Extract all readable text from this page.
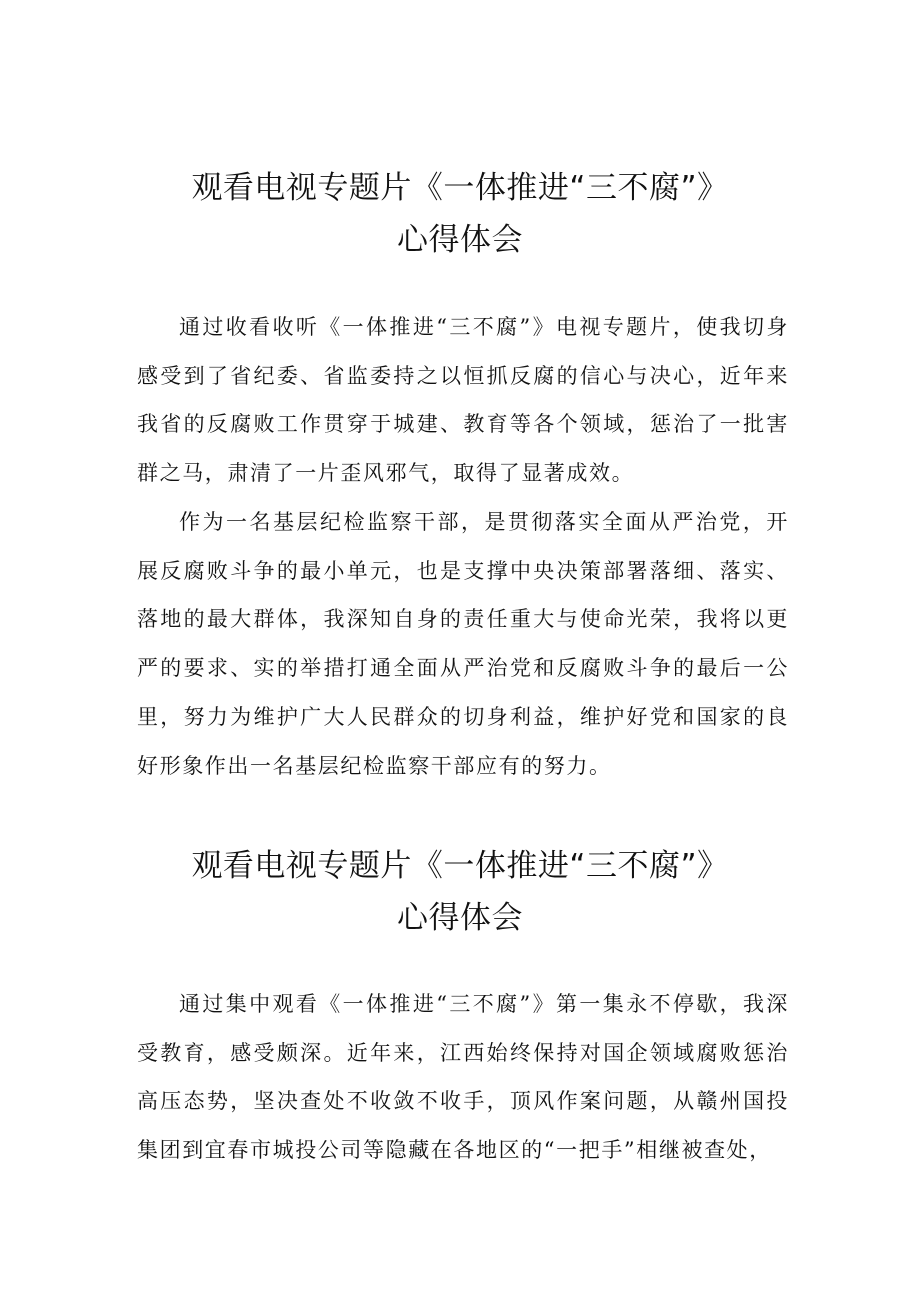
观看电视专题片《一体推进“三不腐”》
心得体会

通过收看收听《一体推进“三不腐”》电视专题片，使我切身感受到了省纪委、省监委持之以恒抓反腐的信心与决心，近年来我省的反腐败工作贯穿于城建、教育等各个领域，惩治了一批害群之马，肃清了一片歪风邪气，取得了显著成效。

作为一名基层纪检监察干部，是贯彻落实全面从严治党，开展反腐败斗争的最小单元，也是支撑中央决策部署落细、落实、落地的最大群体，我深知自身的责任重大与使命光荣，我将以更严的要求、实的举措打通全面从严治党和反腐败斗争的最后一公里，努力为维护广大人民群众的切身利益，维护好党和国家的良好形象作出一名基层纪检监察干部应有的努力。

观看电视专题片《一体推进“三不腐”》
心得体会

通过集中观看《一体推进“三不腐”》第一集永不停歇，我深受教育，感受颇深。近年来，江西始终保持对国企领域腐败惩治高压态势，坚决查处不收敛不收手，顶风作案问题，从赣州国投集团到宜春市城投公司等隐藏在各地区的“一把手”相继被查处，
